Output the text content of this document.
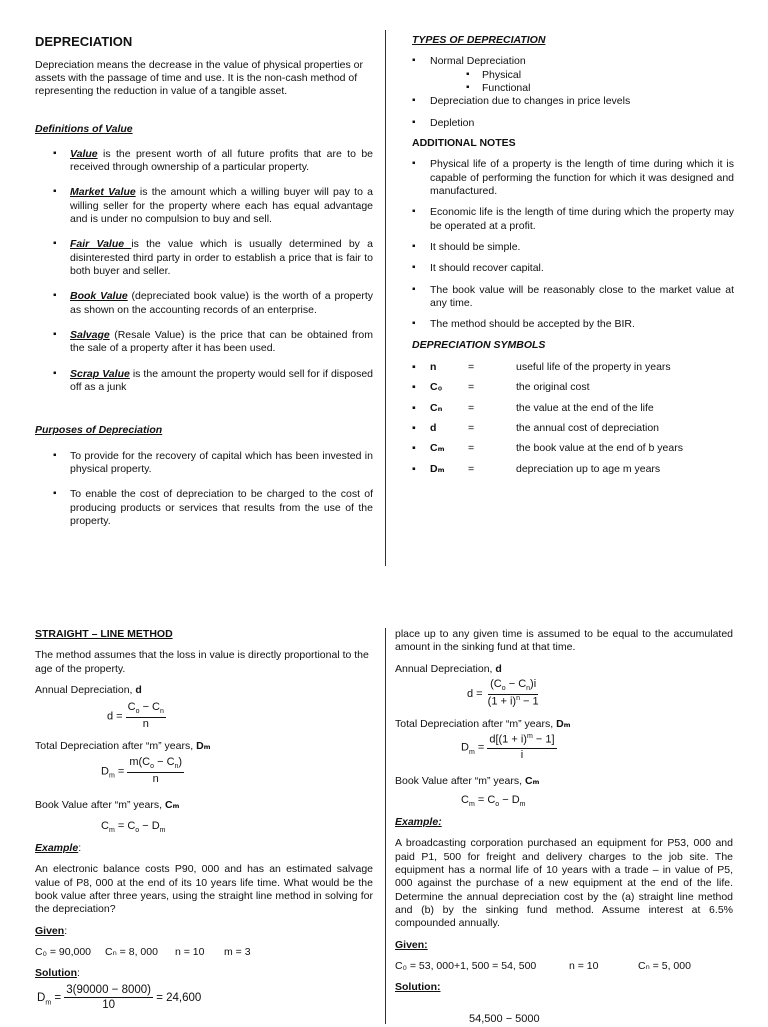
DEPRECIATION

Depreciation means the decrease in the value of physical properties or assets with the passage of time and use. It is the non-cash method of representing the reduction in value of a tangible asset.

Definitions of Value
▪ Value is the present worth of all future profits that are to be received through ownership of a particular property.
▪ Market Value is the amount which a willing buyer will pay to a willing seller for the property where each has equal advantage and is under no compulsion to buy and sell.
▪ Fair Value is the value which is usually determined by a disinterested third party in order to establish a price that is fair to both buyer and seller.
▪ Book Value (depreciated book value) is the worth of a property as shown on the accounting records of an enterprise.
▪ Salvage (Resale Value) is the price that can be obtained from the sale of a property after it has been used.
▪ Scrap Value is the amount the property would sell for if disposed off as a junk
Purposes of Depreciation
▪ To provide for the recovery of capital which has been invested in physical property.
▪ To enable the cost of depreciation to be charged to the cost of producing products or services that results from the use of the property.
TYPES OF DEPRECIATION
▪ Normal Depreciation
▪ Physical
▪ Functional
▪ Depreciation due to changes in price levels
▪ Depletion
ADDITIONAL NOTES
▪ Physical life of a property is the length of time during which it is capable of performing the function for which it was designed and manufactured.
▪ Economic life is the length of time during which the property may be operated at a profit.
▪ It should be simple.
▪ It should recover capital.
▪ The book value will be reasonably close to the market value at any time.
▪ The method should be accepted by the BIR.
DEPRECIATION SYMBOLS
▪ n	=	useful life of the property in years
▪ C₀	=	the original cost
▪ Cₙ	=	the value at the end of the life
▪ d	=	the annual cost of depreciation
▪ Cₘ	=	the book value at the end of b years
▪ Dₘ	=	depreciation up to age m years
STRAIGHT – LINE METHOD

The method assumes that the loss in value is directly proportional to the age of the property.

Annual Depreciation, d

$d = \frac{C_o - C_n}{n}$

Total Depreciation after “m” years, Dₘ

$D_m = \frac{m(C_o - C_n)}{n}$

Book Value after “m” years, Cₘ

$C_m = C_o - D_m$

Example:

An electronic balance costs P90, 000 and has an estimated salvage value of P8, 000 at the end of its 10 years life time. What would be the book value after three years, using the straight line method in solving for the depreciation?

Given:

C₀ = 90,000	Cₙ = 8, 000	n = 10	m = 3

Solution:

$D_m = \frac{3(90000 - 8000)}{10} = 24,600$

place up to any given time is assumed to be equal to the accumulated amount in the sinking fund at that time.

Annual Depreciation, d

$d = \frac{(C_o - C_n)i}{(1 + i)^n - 1}$

Total Depreciation after “m” years, Dₘ

$D_m = \frac{d[(1 + i)^m - 1]}{i}$

Book Value after “m” years, Cₘ

$C_m = C_o - D_m$

Example:

A broadcasting corporation purchased an equipment for P53, 000 and paid P1, 500 for freight and delivery charges to the job site. The equipment has a normal life of 10 years with a trade – in value of P5, 000 against the purchase of a new equipment at the end of the life. Determine the annual depreciation cost by the (a) straight line method and (b) by the sinking fund method. Assume interest at 6.5% compounded annually.

Given:

C₀ = 53, 000+1, 500 = 54, 500	n = 10	Cₙ = 5, 000

Solution:

54,500 − 5000
